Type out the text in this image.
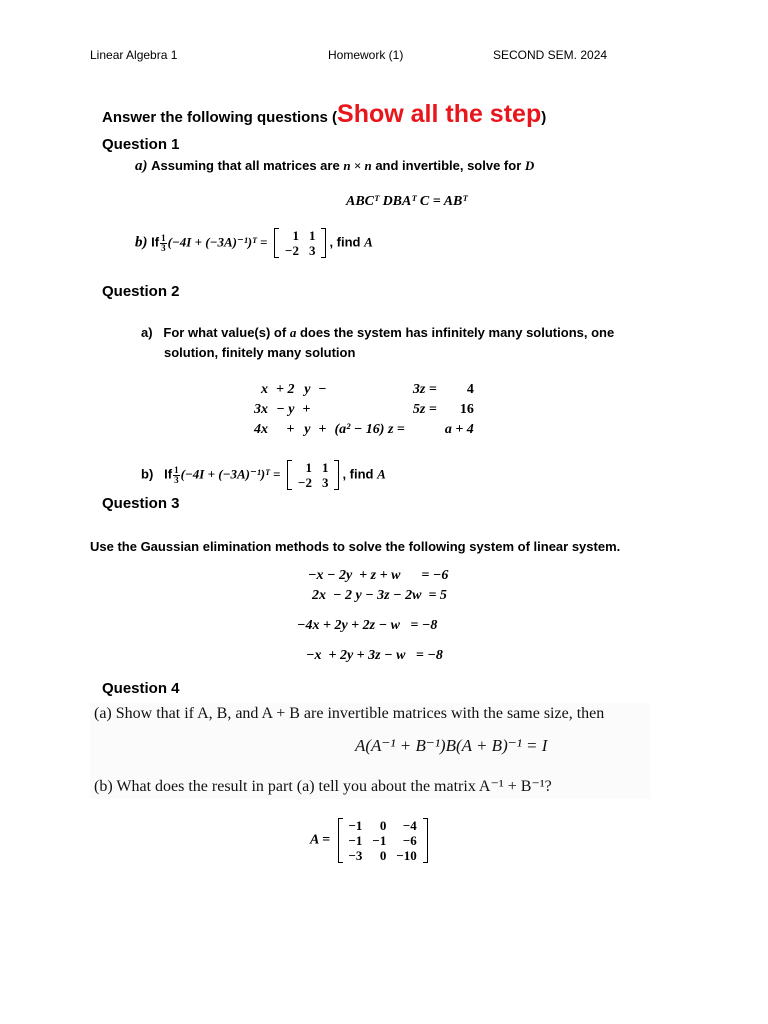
Linear Algebra 1	Homework (1)	SECOND SEM. 2024
Answer the following questions (Show all the step)
Question 1
a) Assuming that all matrices are n × n and invertible, solve for D
ABCᵀ DBAᵀ C = ABᵀ
b) If $\frac{1}{3} (-4I$ + (−3A)⁻¹)ᵀ = 1	1
−2	3
, find A
Question 2
a) For what value(s) of a does the system has infinitely many solutions, one
solution, finitely many solution
x	+ 2	y	−		3z =	4
3x	− y	+			5z =	16
4x	+	y	+	(a² − 16) z =		a + 4
b) If $\frac{1}{3} (-4I$ + (−3A)⁻¹)ᵀ = 1	1
−2	3
, find A
Question 3
Use the Gaussian elimination methods to solve the following system of linear system.
−x − 2y  + z + w      = −6
2x  − 2 y − 3z − 2w  = 5
−4x + 2y + 2z − w   = −8
−x  + 2y + 3z − w   = −8
Question 4
(a) Show that if A, B, and A + B are invertible matrices with the same size, then
A(A⁻¹ + B⁻¹)B(A + B)⁻¹ = I
(b) What does the result in part (a) tell you about the matrix A⁻¹ + B⁻¹?
A =
−1	0	−4
−1	−1	−6
−3	0	−10
